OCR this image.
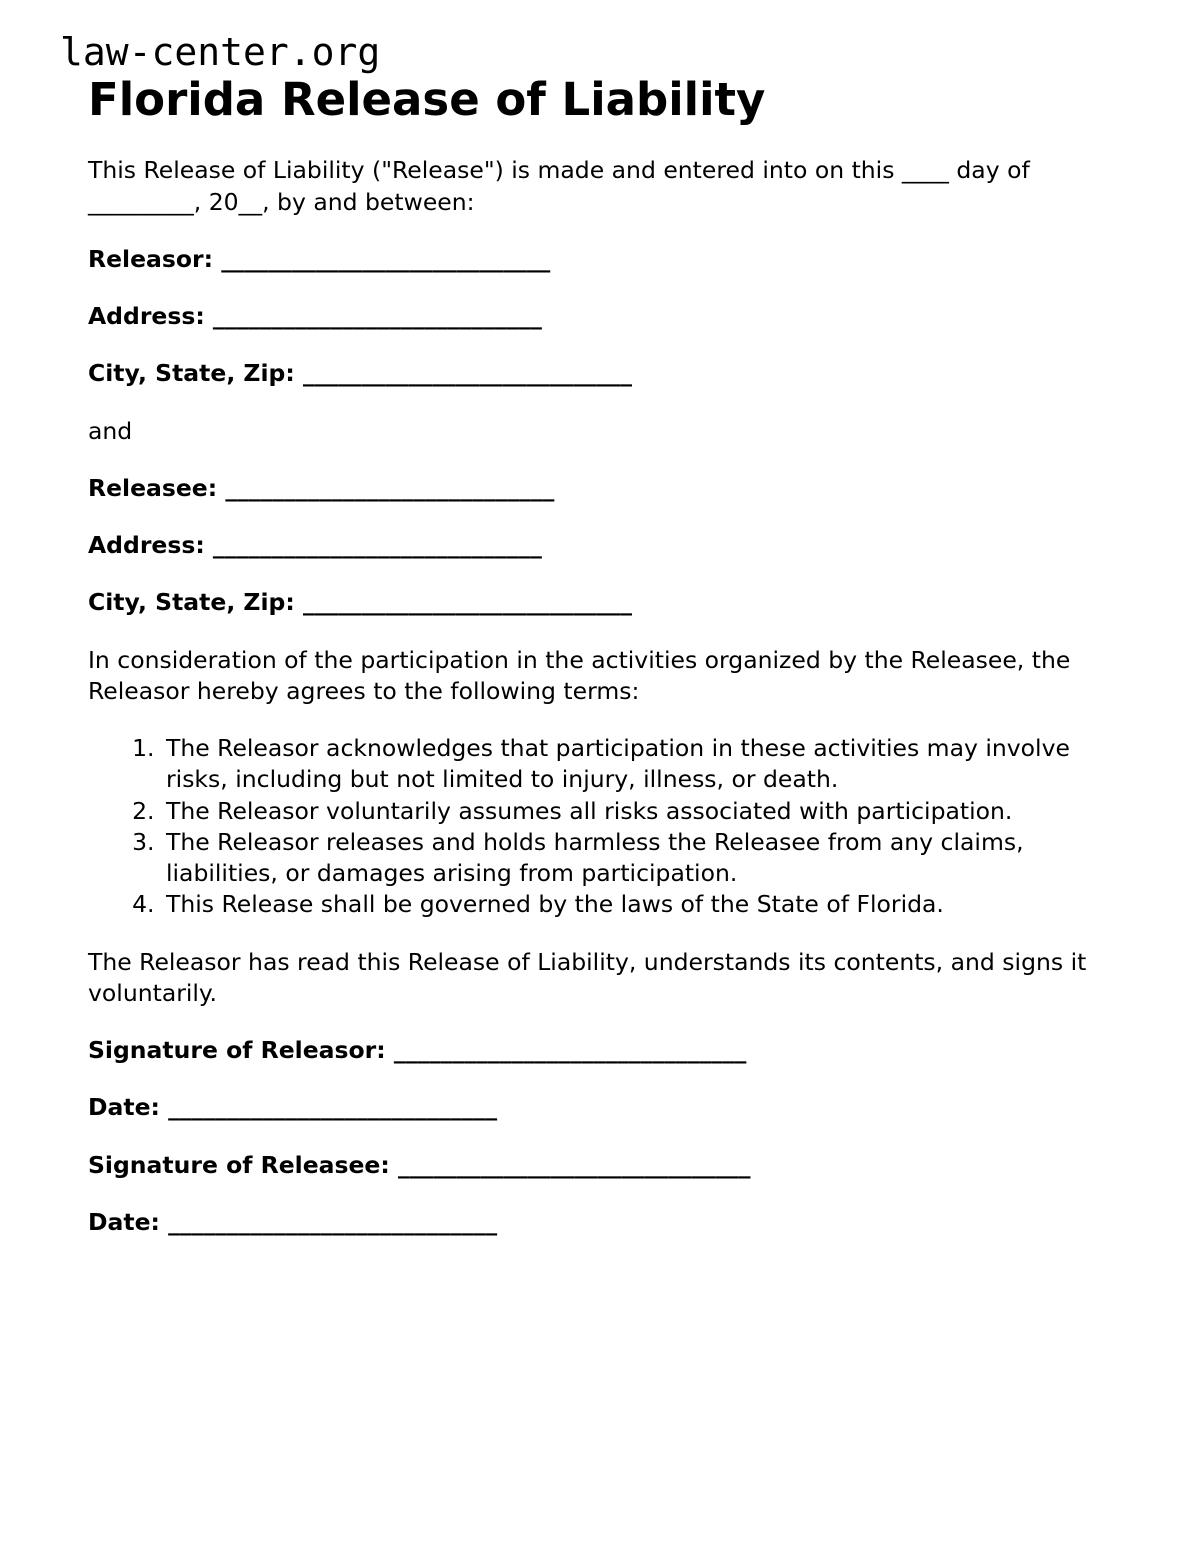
law-center.org
Florida Release of Liability

This Release of Liability ("Release") is made and entered into on this ____ day of _________, 20__, by and between:

Releasor: ____________________________
Address: ____________________________
City, State, Zip: ____________________________

and

Releasee: ____________________________
Address: ____________________________
City, State, Zip: ____________________________

In consideration of the participation in the activities organized by the Releasee, the Releasor hereby agrees to the following terms:

1. The Releasor acknowledges that participation in these activities may involve risks, including but not limited to injury, illness, or death.
2. The Releasor voluntarily assumes all risks associated with participation.
3. The Releasor releases and holds harmless the Releasee from any claims, liabilities, or damages arising from participation.
4. This Release shall be governed by the laws of the State of Florida.

The Releasor has read this Release of Liability, understands its contents, and signs it voluntarily.

Signature of Releasor: ______________________________
Date: ____________________________
Signature of Releasee: ______________________________
Date: ____________________________
